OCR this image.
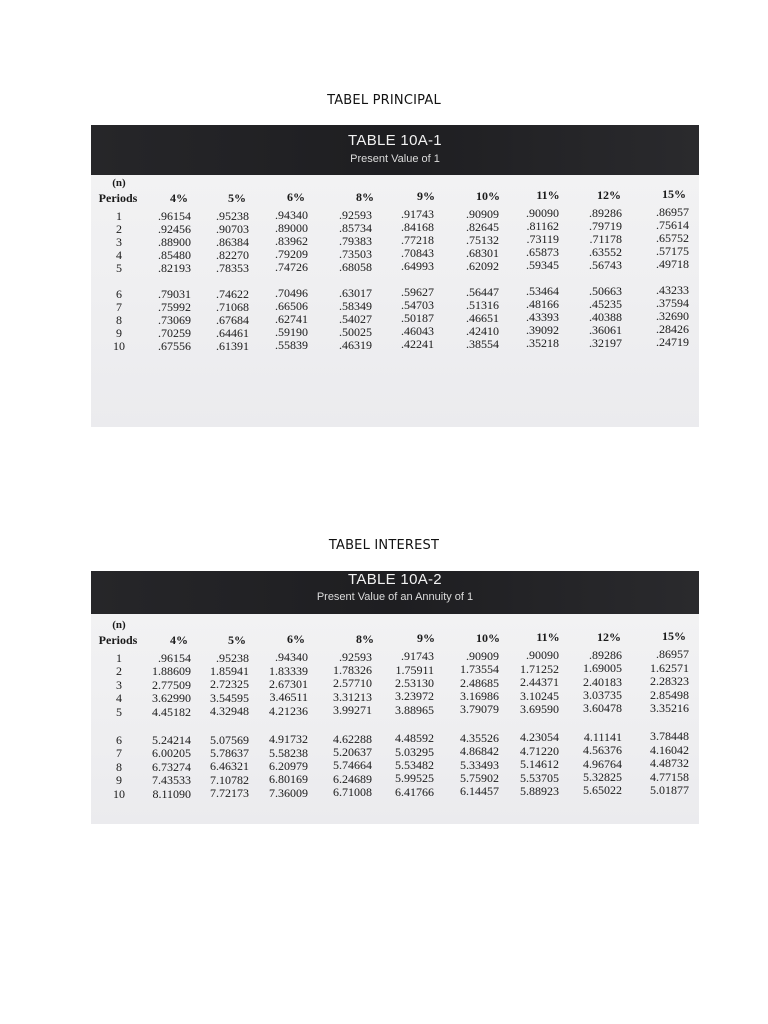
TABEL PRINCIPAL
TABLE 10A-1
Present Value of 1
(n)
Periods	4%	5%	6%	8%	9%	10%	11%	12%	15%
1	.96154	.95238	.94340	.92593	.91743	.90909	.90090	.89286	.86957
2	.92456	.90703	.89000	.85734	.84168	.82645	.81162	.79719	.75614
3	.88900	.86384	.83962	.79383	.77218	.75132	.73119	.71178	.65752
4	.85480	.82270	.79209	.73503	.70843	.68301	.65873	.63552	.57175
5	.82193	.78353	.74726	.68058	.64993	.62092	.59345	.56743	.49718
6	.79031	.74622	.70496	.63017	.59627	.56447	.53464	.50663	.43233
7	.75992	.71068	.66506	.58349	.54703	.51316	.48166	.45235	.37594
8	.73069	.67684	.62741	.54027	.50187	.46651	.43393	.40388	.32690
9	.70259	.64461	.59190	.50025	.46043	.42410	.39092	.36061	.28426
10	.67556	.61391	.55839	.46319	.42241	.38554	.35218	.32197	.24719
TABEL INTEREST
TABLE 10A-2
Present Value of an Annuity of 1
(n)
Periods	4%	5%	6%	8%	9%	10%	11%	12%	15%
1	.96154	.95238	.94340	.92593	.91743	.90909	.90090	.89286	.86957
2	1.88609	1.85941	1.83339	1.78326	1.75911	1.73554	1.71252	1.69005	1.62571
3	2.77509	2.72325	2.67301	2.57710	2.53130	2.48685	2.44371	2.40183	2.28323
4	3.62990	3.54595	3.46511	3.31213	3.23972	3.16986	3.10245	3.03735	2.85498
5	4.45182	4.32948	4.21236	3.99271	3.88965	3.79079	3.69590	3.60478	3.35216
6	5.24214	5.07569	4.91732	4.62288	4.48592	4.35526	4.23054	4.11141	3.78448
7	6.00205	5.78637	5.58238	5.20637	5.03295	4.86842	4.71220	4.56376	4.16042
8	6.73274	6.46321	6.20979	5.74664	5.53482	5.33493	5.14612	4.96764	4.48732
9	7.43533	7.10782	6.80169	6.24689	5.99525	5.75902	5.53705	5.32825	4.77158
10	8.11090	7.72173	7.36009	6.71008	6.41766	6.14457	5.88923	5.65022	5.01877
